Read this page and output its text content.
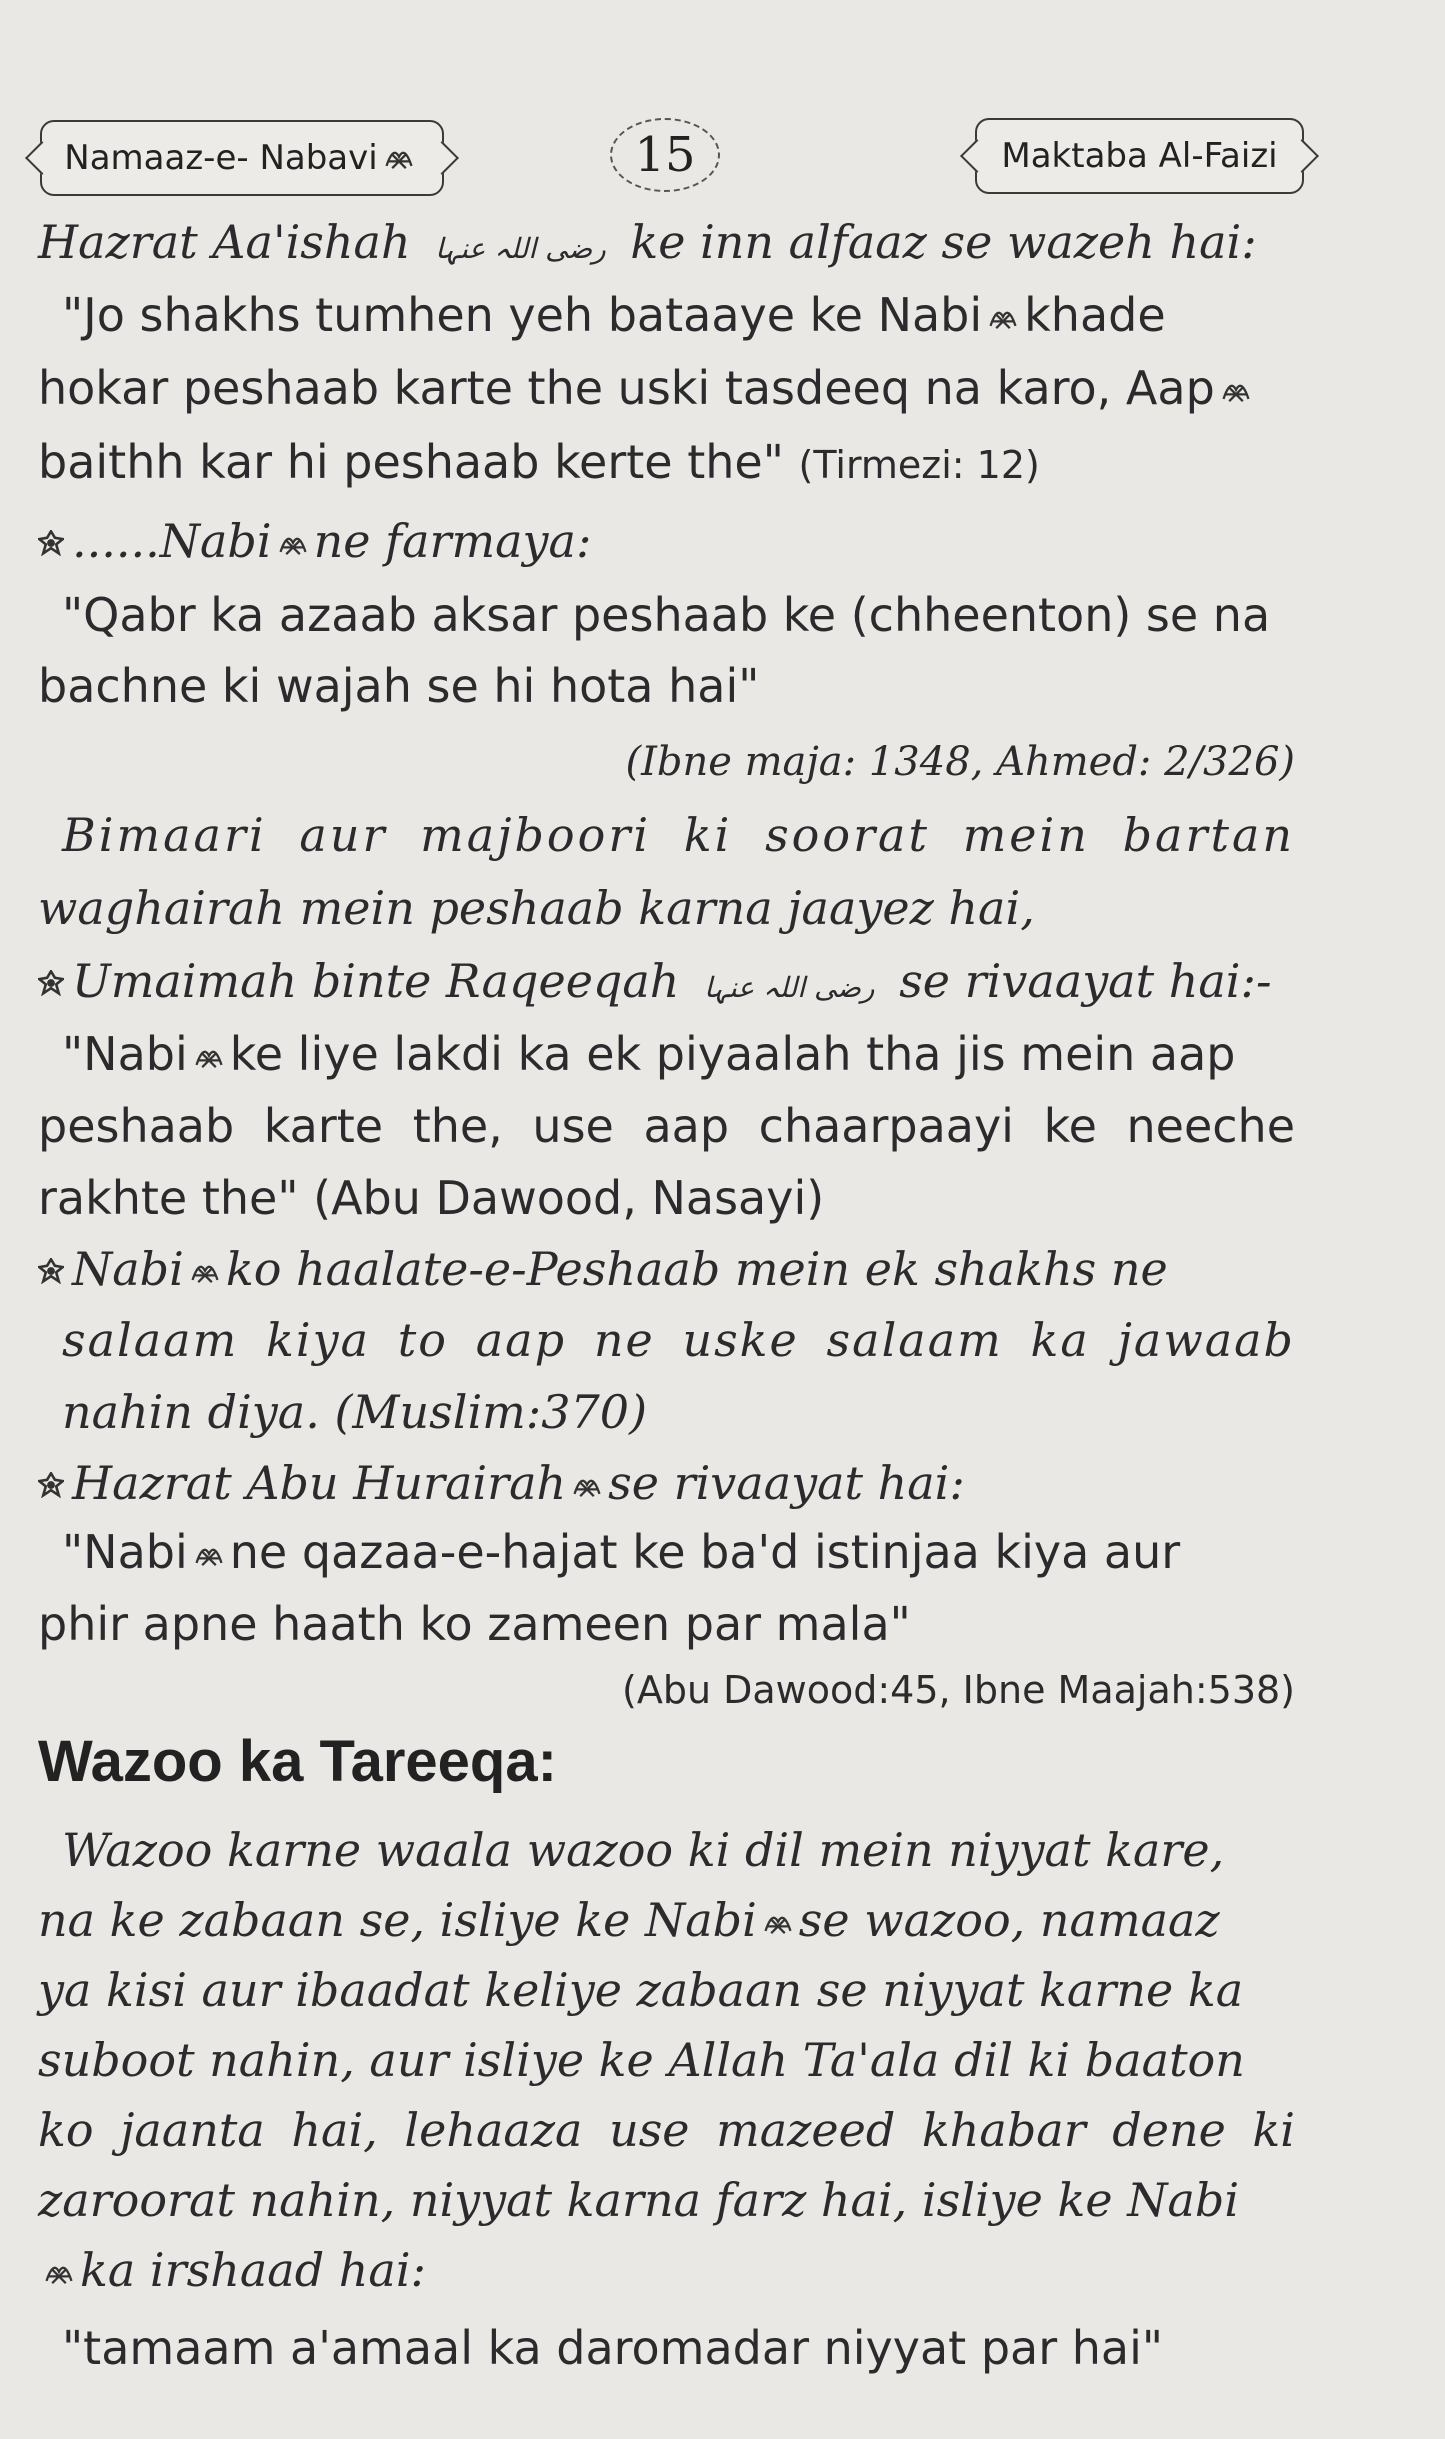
Namaaz-e- Nabavi	15	Maktaba Al-Faizi
Hazrat Aa'ishah رضی اللہ عنہا ke inn alfaaz se wazeh hai:
"Jo shakhs tumhen yeh bataaye ke Nabi khade
hokar peshaab karte the uski tasdeeq na karo, Aap
baithh kar hi peshaab kerte the" (Tirmezi: 12)
......Nabi ne farmaya:
"Qabr ka azaab aksar peshaab ke (chheenton) se na
bachne ki wajah se hi hota hai"
(Ibne maja: 1348, Ahmed: 2/326)
Bimaari aur majboori ki soorat mein bartan
waghairah mein peshaab karna jaayez hai,
Umaimah binte Raqeeqah رضی اللہ عنہا se rivaayat hai:-
"Nabi ke liye lakdi ka ek piyaalah tha jis mein aap
peshaab karte the, use aap chaarpaayi ke neeche
rakhte the" (Abu Dawood, Nasayi)
Nabi ko haalate-e-Peshaab mein ek shakhs ne
salaam kiya to aap ne uske salaam ka jawaab
nahin diya. (Muslim:370)
Hazrat Abu Hurairah se rivaayat hai:
"Nabi ne qazaa-e-hajat ke ba'd istinjaa kiya aur
phir apne haath ko zameen par mala"
(Abu Dawood:45, Ibne Maajah:538)
Wazoo ka Tareeqa:
Wazoo karne waala wazoo ki dil mein niyyat kare,
na ke zabaan se, isliye ke Nabi se wazoo, namaaz
ya kisi aur ibaadat keliye zabaan se niyyat karne ka
suboot nahin, aur isliye ke Allah Ta'ala dil ki baaton
ko jaanta hai, lehaaza use mazeed khabar dene ki
zaroorat nahin, niyyat karna farz hai, isliye ke Nabi
ka irshaad hai:
"tamaam a'amaal ka daromadar niyyat par hai"
